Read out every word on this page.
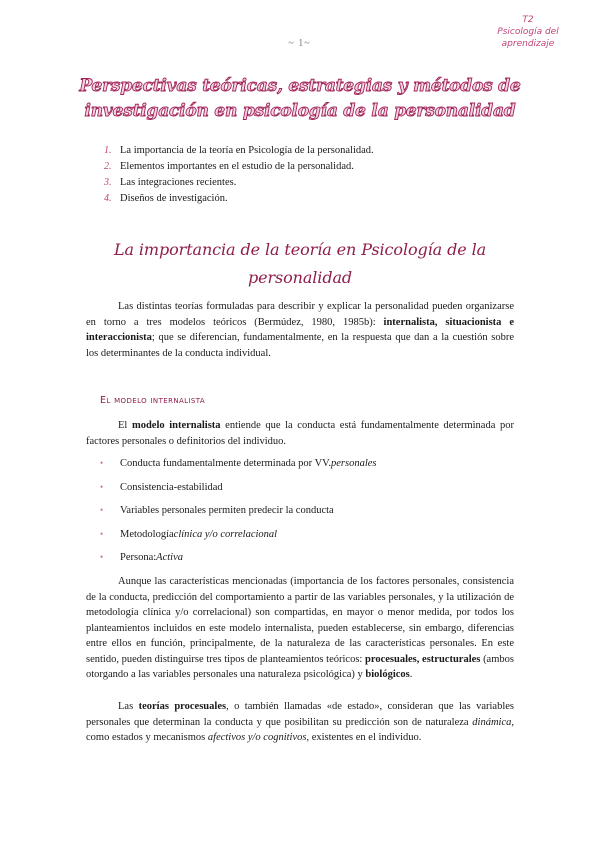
~ 1~
T2
Psicología del
aprendizaje
Perspectivas teóricas, estrategias y métodos de
investigación en psicología de la personalidad
1. La importancia de la teoría en Psicología de la personalidad.
2. Elementos importantes en el estudio de la personalidad.
3. Las integraciones recientes.
4. Diseños de investigación.
La importancia de la teoría en Psicología de la
personalidad

Las distintas teorías formuladas para describir y explicar la personalidad pueden organizarse en torno a tres modelos teóricos (Bermúdez, 1980, 1985b): internalista, situacionista e interaccionista; que se diferencian, fundamentalmente, en la respuesta que dan a la cuestión sobre los determinantes de la conducta individual.

El modelo internalista

El modelo internalista entiende que la conducta está fundamentalmente determinada por factores personales o definitorios del individuo.

•	Conducta fundamentalmente determinada por VV. personales
•	Consistencia-estabilidad
•	Variables personales permiten predecir la conducta
•	Metodología clínica y/o correlacional
•	Persona: Activa

Aunque las características mencionadas (importancia de los factores personales, consistencia de la conducta, predicción del comportamiento a partir de las variables personales, y la utilización de metodología clínica y/o correlacional) son compartidas, en mayor o menor medida, por todos los planteamientos incluidos en este modelo internalista, pueden establecerse, sin embargo, diferencias entre ellos en función, principalmente, de la naturaleza de las características personales. En este sentido, pueden distinguirse tres tipos de planteamientos teóricos: procesuales, estructurales (ambos otorgando a las variables personales una naturaleza psicológica) y biológicos.

Las teorías procesuales, o también llamadas «de estado», consideran que las variables personales que determinan la conducta y que posibilitan su predicción son de naturaleza dinámica, como estados y mecanismos afectivos y/o cognitivos, existentes en el individuo.
